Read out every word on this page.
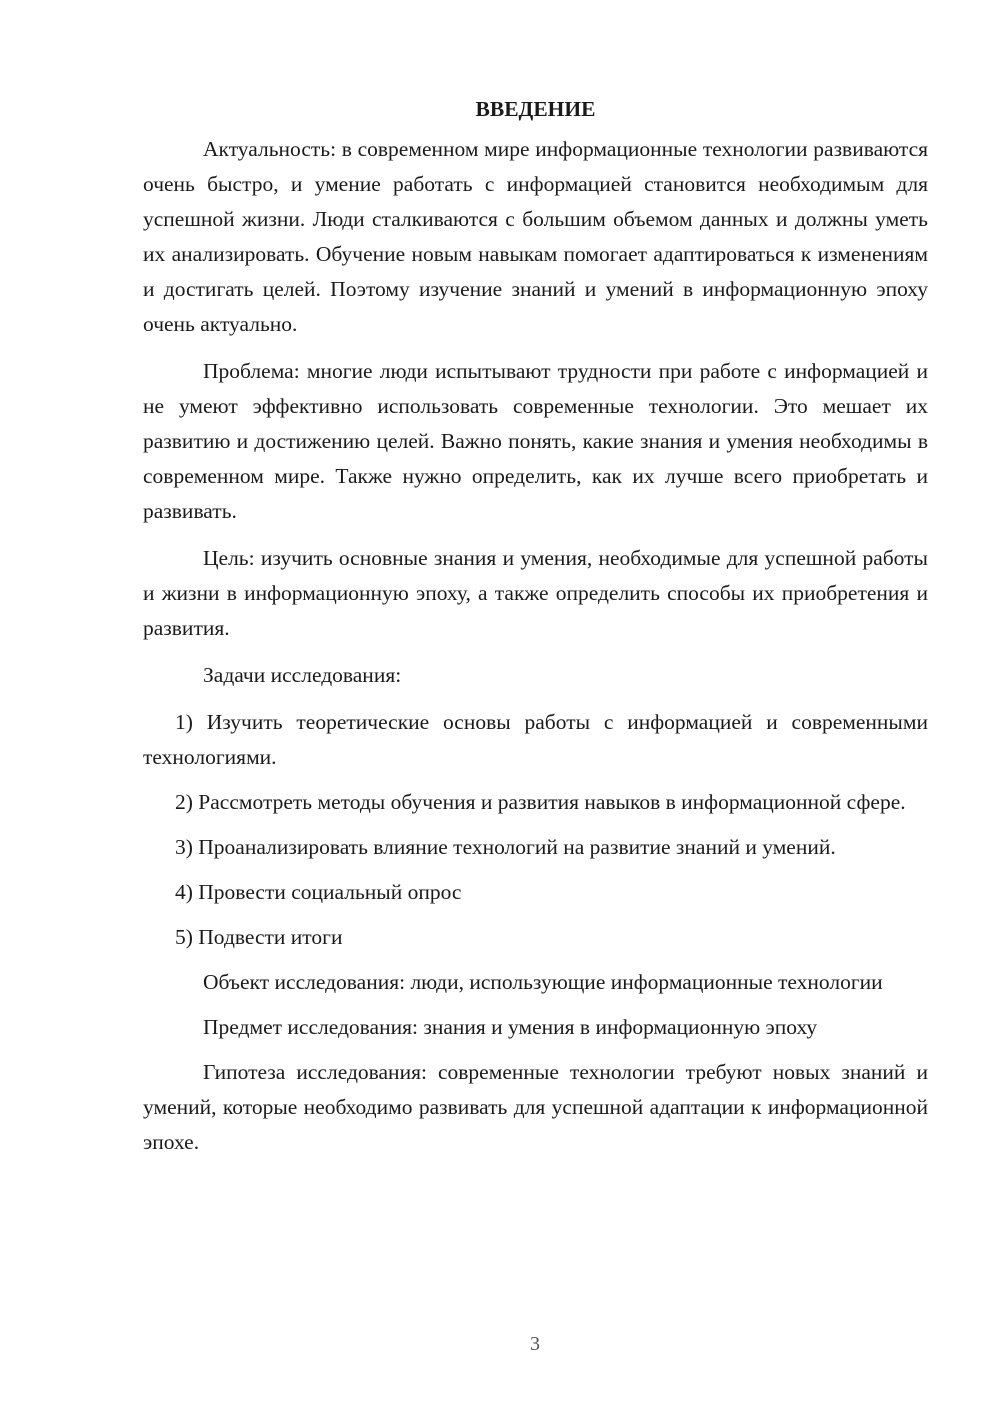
ВВЕДЕНИЕ

Актуальность: в современном мире информационные технологии развиваются очень быстро, и умение работать с информацией становится необходимым для успешной жизни. Люди сталкиваются с большим объемом данных и должны уметь их анализировать. Обучение новым навыкам помогает адаптироваться к изменениям и достигать целей. Поэтому изучение знаний и умений в информационную эпоху очень актуально.

Проблема: многие люди испытывают трудности при работе с информацией и не умеют эффективно использовать современные технологии. Это мешает их развитию и достижению целей. Важно понять, какие знания и умения необходимы в современном мире. Также нужно определить, как их лучше всего приобретать и развивать.

Цель: изучить основные знания и умения, необходимые для успешной работы и жизни в информационную эпоху, а также определить способы их приобретения и развития.

Задачи исследования:

1) Изучить теоретические основы работы с информацией и современными технологиями.

2) Рассмотреть методы обучения и развития навыков в информационной сфере.

3) Проанализировать влияние технологий на развитие знаний и умений.

4) Провести социальный опрос

5) Подвести итоги

Объект исследования: люди, использующие информационные технологии

Предмет исследования: знания и умения в информационную эпоху

Гипотеза исследования: современные технологии требуют новых знаний и умений, которые необходимо развивать для успешной адаптации к информационной эпохе.

3
